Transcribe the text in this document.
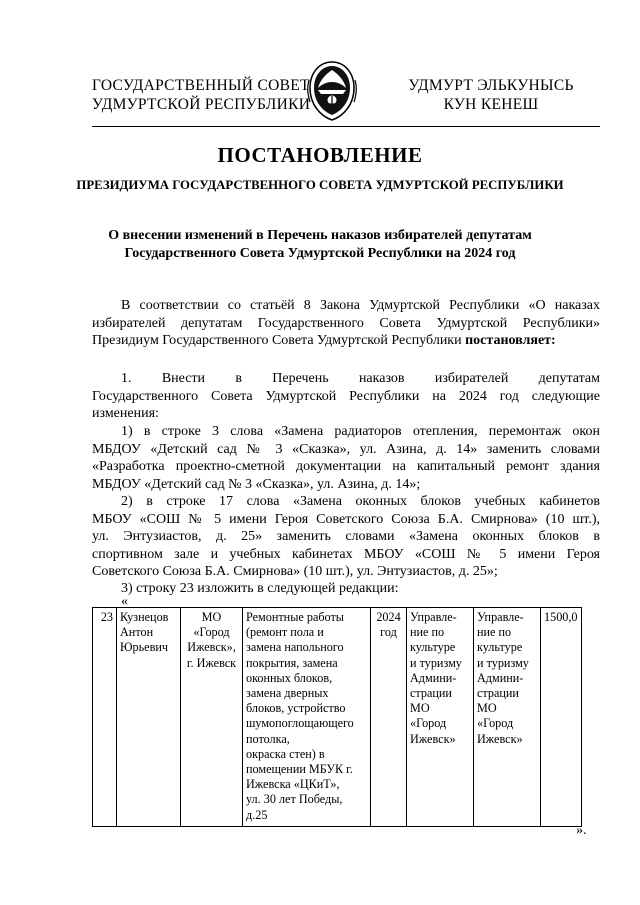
ГОСУДАРСТВЕННЫЙ СОВЕТ
УДМУРТСКОЙ РЕСПУБЛИКИ
УДМУРТ ЭЛЬКУНЫСЬ
КУН КЕНЕШ
ПОСТАНОВЛЕНИЕ
ПРЕЗИДИУМА ГОСУДАРСТВЕННОГО СОВЕТА УДМУРТСКОЙ РЕСПУБЛИКИ
О внесении изменений в Перечень наказов избирателей депутатам
Государственного Совета Удмуртской Республики на 2024 год
В соответствии со статьёй 8 Закона Удмуртской Республики «О наказах
избирателей депутатам Государственного Совета Удмуртской Республики»
Президиум Государственного Совета Удмуртской Республики постановляет:
1. Внести в Перечень наказов избирателей депутатам
Государственного Совета Удмуртской Республики на 2024 год следующие
изменения:
1) в строке 3 слова «Замена радиаторов отепления, перемонтаж окон
МБДОУ «Детский сад № 3 «Сказка», ул. Азина, д. 14» заменить словами
«Разработка проектно-сметной документации на капитальный ремонт здания
МБДОУ «Детский сад № 3 «Сказка», ул. Азина, д. 14»;
2) в строке 17 слова «Замена оконных блоков учебных кабинетов
МБОУ «СОШ № 5 имени Героя Советского Союза Б.А. Смирнова» (10 шт.),
ул. Энтузиастов, д. 25» заменить словами «Замена оконных блоков в
спортивном зале и учебных кабинетах МБОУ «СОШ № 5 имени Героя
Советского Союза Б.А. Смирнова» (10 шт.), ул. Энтузиастов, д. 25»;
3) строку 23 изложить в следующей редакции:
«
23	Кузнецов
Антон
Юрьевич

МО
«Город
Ижевск»,
г. Ижевск

Ремонтные работы
(ремонт пола и
замена напольного
покрытия, замена
оконных блоков,
замена дверных
блоков, устройство
шумопоглощающего
потолка,
окраска стен) в
помещении МБУК г.
Ижевска «ЦКиТ»,
ул. 30 лет Победы,
д.25

2024
год

Управле-
ние по
культуре
и туризму
Админи-
страции
МО
«Город
Ижевск»

Управле-
ние по
культуре
и туризму
Админи-
страции
МО
«Город
Ижевск»
	1500,0
».
